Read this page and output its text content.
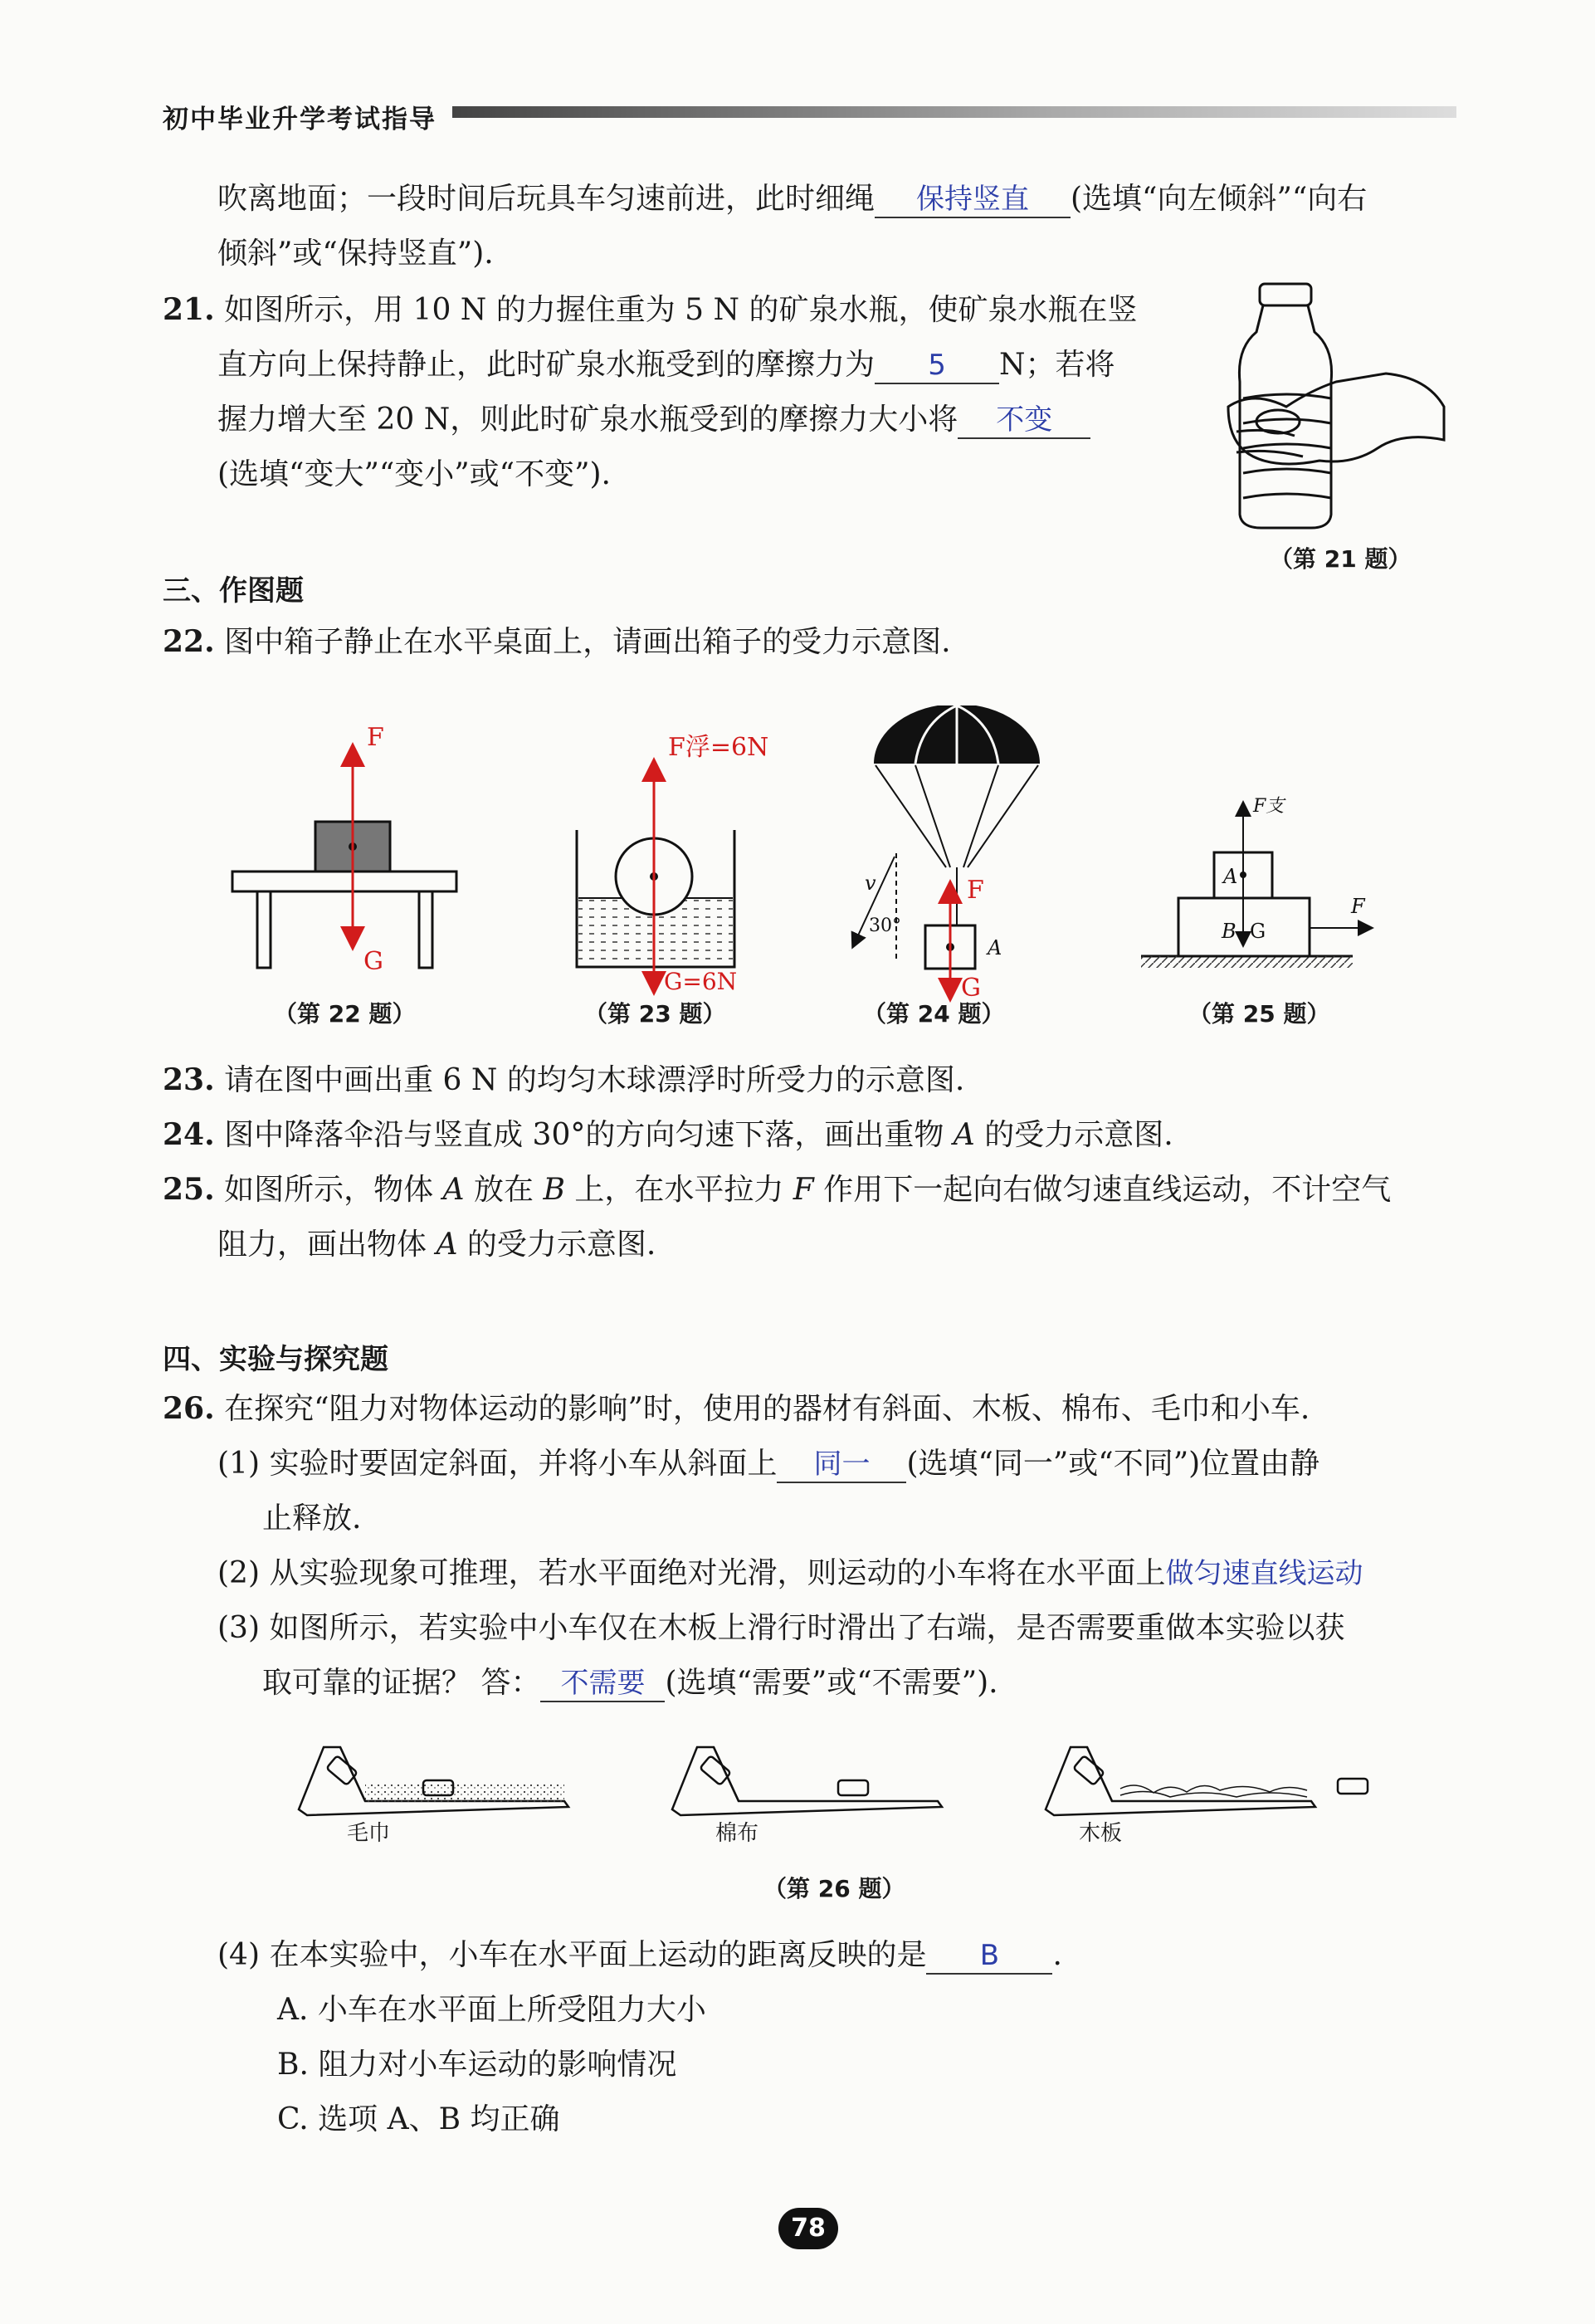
初中毕业升学考试指导
吹离地面；一段时间后玩具车匀速前进，此时细绳 保持竖直 (选填“向左倾斜”“向右
倾斜”或“保持竖直”).
21. 如图所示，用 10 N 的力握住重为 5 N 的矿泉水瓶，使矿泉水瓶在竖
直方向上保持静止，此时矿泉水瓶受到的摩擦力为 5 N；若将
握力增大至 20 N，则此时矿泉水瓶受到的摩擦力大小将 不变
(选填“变大”“变小”或“不变”).
（第 21 题）
三、作图题
22. 图中箱子静止在水平桌面上，请画出箱子的受力示意图.
F
G
F浮=6N
G=6N
F
G
v
30°
A
F支
A
B G
F
（第 22 题）	（第 23 题）	（第 24 题）	（第 25 题）
23. 请在图中画出重 6 N 的均匀木球漂浮时所受力的示意图.
24. 图中降落伞沿与竖直成 30°的方向匀速下落，画出重物 A 的受力示意图.
25. 如图所示，物体 A 放在 B 上，在水平拉力 F 作用下一起向右做匀速直线运动，不计空气
阻力，画出物体 A 的受力示意图.
四、实验与探究题
26. 在探究“阻力对物体运动的影响”时，使用的器材有斜面、木板、棉布、毛巾和小车.
(1) 实验时要固定斜面，并将小车从斜面上 同一 (选填“同一”或“不同”)位置由静
止释放.
(2) 从实验现象可推理，若水平面绝对光滑，则运动的小车将在水平面上做匀速直线运动
(3) 如图所示，若实验中小车仅在木板上滑行时滑出了右端，是否需要重做本实验以获
取可靠的证据？ 答： 不需要 (选填“需要”或“不需要”).
毛巾	棉布	木板
（第 26 题）
(4) 在本实验中，小车在水平面上运动的距离反映的是 B .
A. 小车在水平面上所受阻力大小
B. 阻力对小车运动的影响情况
C. 选项 A、B 均正确
78
